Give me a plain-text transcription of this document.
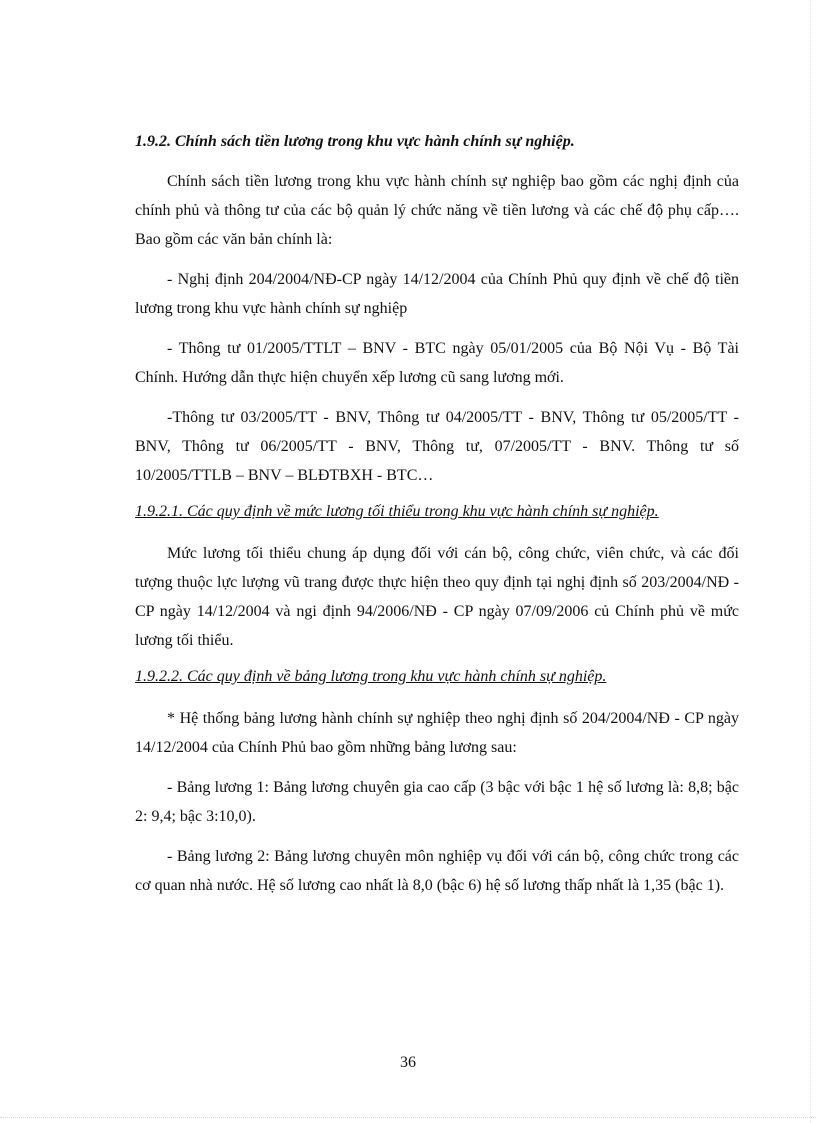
1.9.2. Chính sách tiền lương trong khu vực hành chính sự nghiệp.
Chính sách tiền lương trong khu vực hành chính sự nghiệp bao gồm các nghị định của chính phủ và thông tư của các bộ quản lý chức năng về tiền lương và các chế độ phụ cấp…. Bao gồm các văn bản chính là:
- Nghị định 204/2004/NĐ-CP ngày 14/12/2004 của Chính Phủ quy định về chế độ tiền lương trong khu vực hành chính sự nghiệp
- Thông tư 01/2005/TTLT – BNV - BTC ngày 05/01/2005 của Bộ Nội Vụ - Bộ Tài Chính. Hướng dẫn thực hiện chuyển xếp lương cũ sang lương mới.
-Thông tư 03/2005/TT - BNV, Thông tư 04/2005/TT - BNV, Thông tư 05/2005/TT - BNV, Thông tư 06/2005/TT - BNV, Thông tư, 07/2005/TT - BNV. Thông tư số 10/2005/TTLB – BNV – BLĐTBXH - BTC…
1.9.2.1. Các quy định về mức lương tối thiểu trong khu vực hành chính sự nghiệp.
Mức lương tối thiểu chung áp dụng đối với cán bộ, công chức, viên chức, và các đối tượng thuộc lực lượng vũ trang được thực hiện theo quy định tại nghị định số 203/2004/NĐ - CP ngày 14/12/2004 và ngi định 94/2006/NĐ - CP ngày 07/09/2006 củ Chính phủ về mức lương tối thiểu.
1.9.2.2. Các quy định về bảng lương trong khu vực hành chính sự nghiệp.
* Hệ thống bảng lương hành chính sự nghiệp theo nghị định số 204/2004/NĐ - CP ngày 14/12/2004 của Chính Phủ bao gồm những bảng lương sau:
- Bảng lương 1: Bảng lương chuyên gia cao cấp (3 bậc với bậc 1 hệ số lương là: 8,8; bậc 2: 9,4; bậc 3:10,0).
- Bảng lương 2: Bảng lương chuyên môn nghiệp vụ đối với cán bộ, công chức trong các cơ quan nhà nước. Hệ số lương cao nhất là 8,0 (bậc 6) hệ số lương thấp nhất là 1,35 (bậc 1).
36
